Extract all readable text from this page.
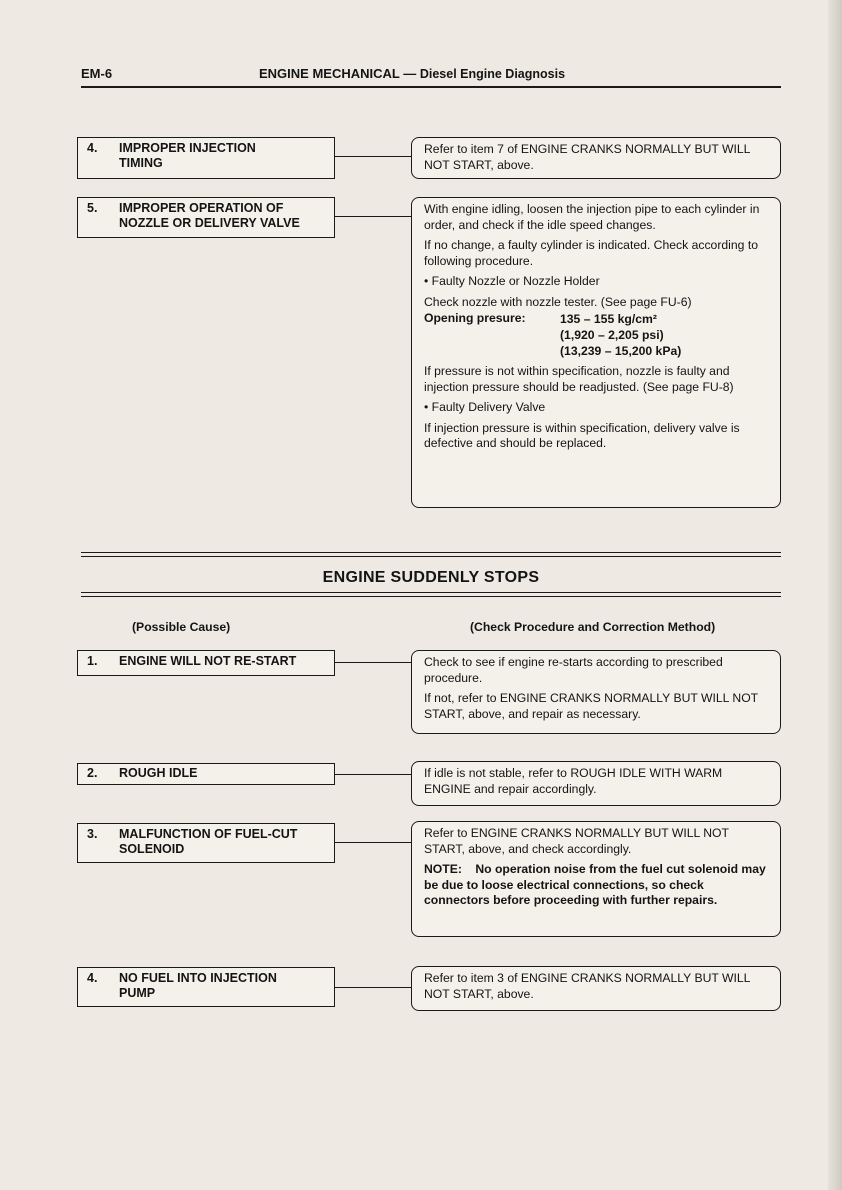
EM-6	ENGINE MECHANICAL — Diesel Engine Diagnosis
4. IMPROPER INJECTION
TIMING

Refer to item 7 of ENGINE CRANKS NORMALLY BUT WILL NOT START, above.

5. IMPROPER OPERATION OF
NOZZLE OR DELIVERY VALVE

With engine idling, loosen the injection pipe to each cylinder in order, and check if the idle speed changes.

If no change, a faulty cylinder is indicated. Check according to following procedure.

• Faulty Nozzle or Nozzle Holder

Check nozzle with nozzle tester. (See page FU-6)

Opening presure:	135 – 155 kg/cm²
(1,920 – 2,205 psi)
(13,239 – 15,200 kPa)

If pressure is not within specification, nozzle is faulty and injection pressure should be readjusted. (See page FU-8)

• Faulty Delivery Valve

If injection pressure is within specification, delivery valve is defective and should be replaced.

ENGINE SUDDENLY STOPS
(Possible Cause)	(Check Procedure and Correction Method)
1. ENGINE WILL NOT RE-START	Check to see if engine re-starts according to prescribed procedure.

If not, refer to ENGINE CRANKS NORMALLY BUT WILL NOT START, above, and repair as necessary.

2. ROUGH IDLE	If idle is not stable, refer to ROUGH IDLE WITH WARM ENGINE and repair accordingly.

3. MALFUNCTION OF FUEL-CUT
SOLENOID

Refer to ENGINE CRANKS NORMALLY BUT WILL NOT START, above, and check accordingly.

NOTE: No operation noise from the fuel cut solenoid may be due to loose electrical connections, so check connectors before proceeding with further repairs.

4. NO FUEL INTO INJECTION
PUMP

Refer to item 3 of ENGINE CRANKS NORMALLY BUT WILL NOT START, above.
